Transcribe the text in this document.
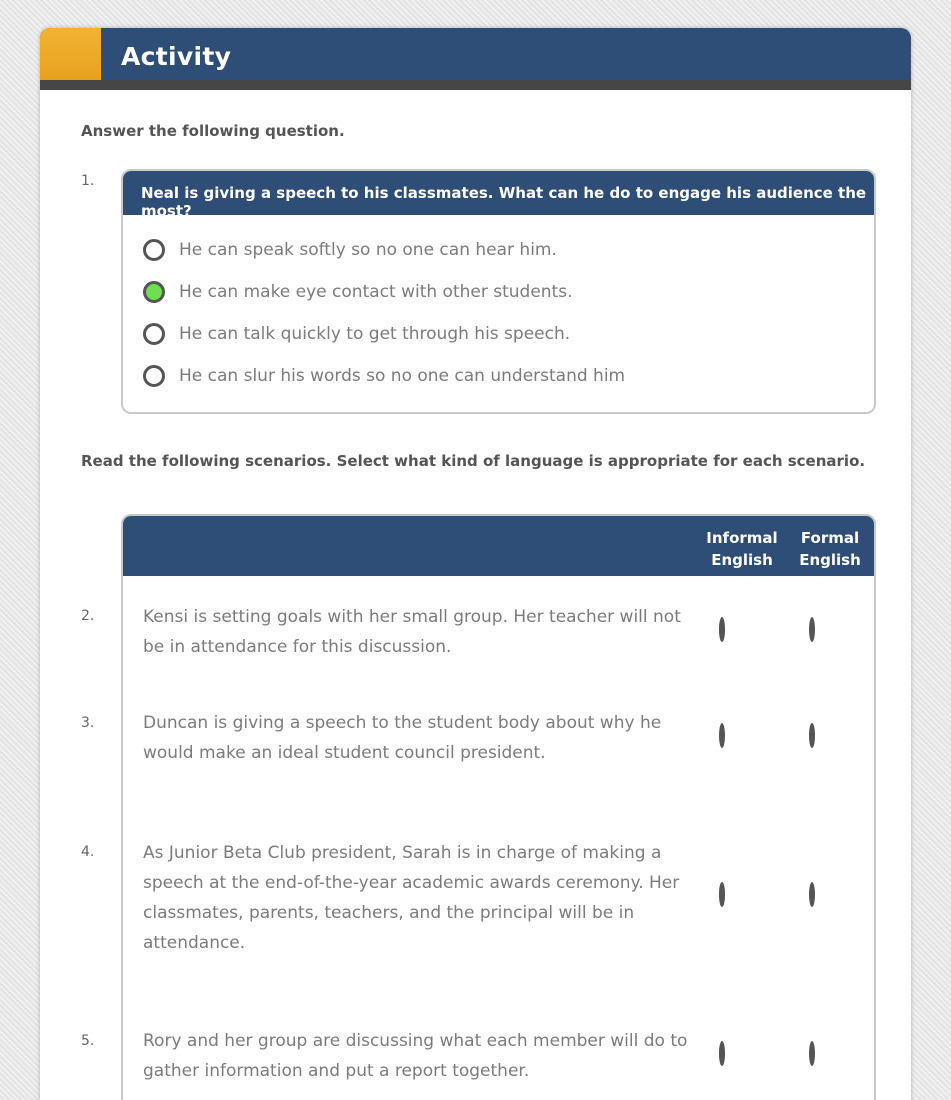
Activity
Answer the following question.
1.
Neal is giving a speech to his classmates. What can he do to engage his audience the most?
He can speak softly so no one can hear him.
He can make eye contact with other students.
He can talk quickly to get through his speech.
He can slur his words so no one can understand him
Read the following scenarios. Select what kind of language is appropriate for each scenario.
Informal
English
Formal
English
Kensi is setting goals with her small group. Her teacher will not be in attendance for this discussion.
Duncan is giving a speech to the student body about why he would make an ideal student council president.
As Junior Beta Club president, Sarah is in charge of making a speech at the end-of-the-year academic awards ceremony. Her classmates, parents, teachers, and the principal will be in attendance.
Rory and her group are discussing what each member will do to gather information and put a report together.
2.
3.
4.
5.
